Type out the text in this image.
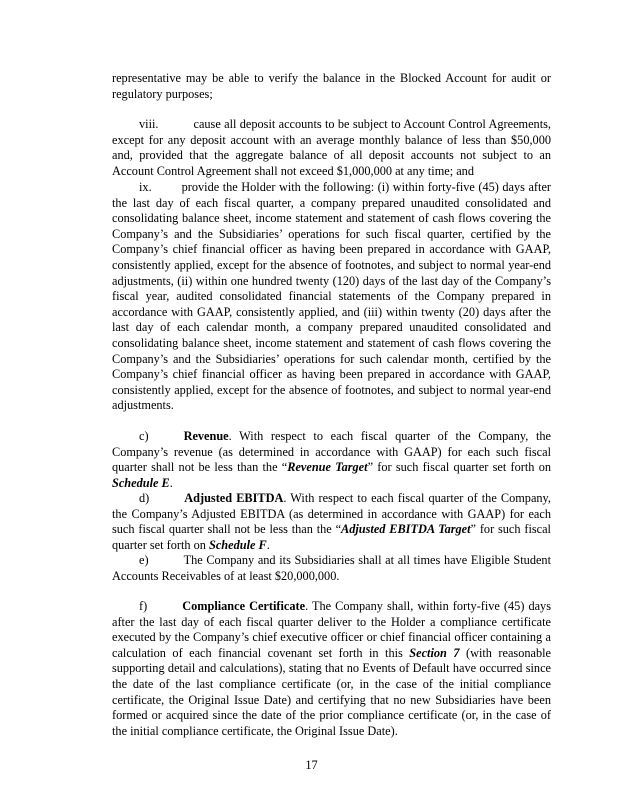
representative may be able to verify the balance in the Blocked Account for audit or regulatory purposes;

viii.	cause all deposit accounts to be subject to Account Control Agreements, except for any deposit account with an average monthly balance of less than $50,000 and, provided that the aggregate balance of all deposit accounts not subject to an Account Control Agreement shall not exceed $1,000,000 at any time; and

ix. provide the Holder with the following: (i) within forty-five (45) days after the last day of each fiscal quarter, a company prepared unaudited consolidated and consolidating balance sheet, income statement and statement of cash flows covering the Company’s and the Subsidiaries’ operations for such fiscal quarter, certified by the Company’s chief financial officer as having been prepared in accordance with GAAP, consistently applied, except for the absence of footnotes, and subject to normal year-end adjustments, (ii) within one hundred twenty (120) days of the last day of the Company’s fiscal year, audited consolidated financial statements of the Company prepared in accordance with GAAP, consistently applied, and (iii) within twenty (20) days after the last day of each calendar month, a company prepared unaudited consolidated and consolidating balance sheet, income statement and statement of cash flows covering the Company’s and the Subsidiaries’ operations for such calendar month, certified by the Company’s chief financial officer as having been prepared in accordance with GAAP, consistently applied, except for the absence of footnotes, and subject to normal year-end adjustments.

c)	Revenue. With respect to each fiscal quarter of the Company, the Company’s revenue (as determined in accordance with GAAP) for each such fiscal quarter shall not be less than the “Revenue Target” for such fiscal quarter set forth on Schedule E.

d)	Adjusted EBITDA. With respect to each fiscal quarter of the Company, the Company’s Adjusted EBITDA (as determined in accordance with GAAP) for each such fiscal quarter shall not be less than the “Adjusted EBITDA Target” for such fiscal quarter set forth on Schedule F.

e)	The Company and its Subsidiaries shall at all times have Eligible Student Accounts Receivables of at least $20,000,000.

f)	Compliance Certificate. The Company shall, within forty-five (45) days after the last day of each fiscal quarter deliver to the Holder a compliance certificate executed by the Company’s chief executive officer or chief financial officer containing a calculation of each financial covenant set forth in this Section 7 (with reasonable supporting detail and calculations), stating that no Events of Default have occurred since the date of the last compliance certificate (or, in the case of the initial compliance certificate, the Original Issue Date) and certifying that no new Subsidiaries have been formed or acquired since the date of the prior compliance certificate (or, in the case of the initial compliance certificate, the Original Issue Date).

17
